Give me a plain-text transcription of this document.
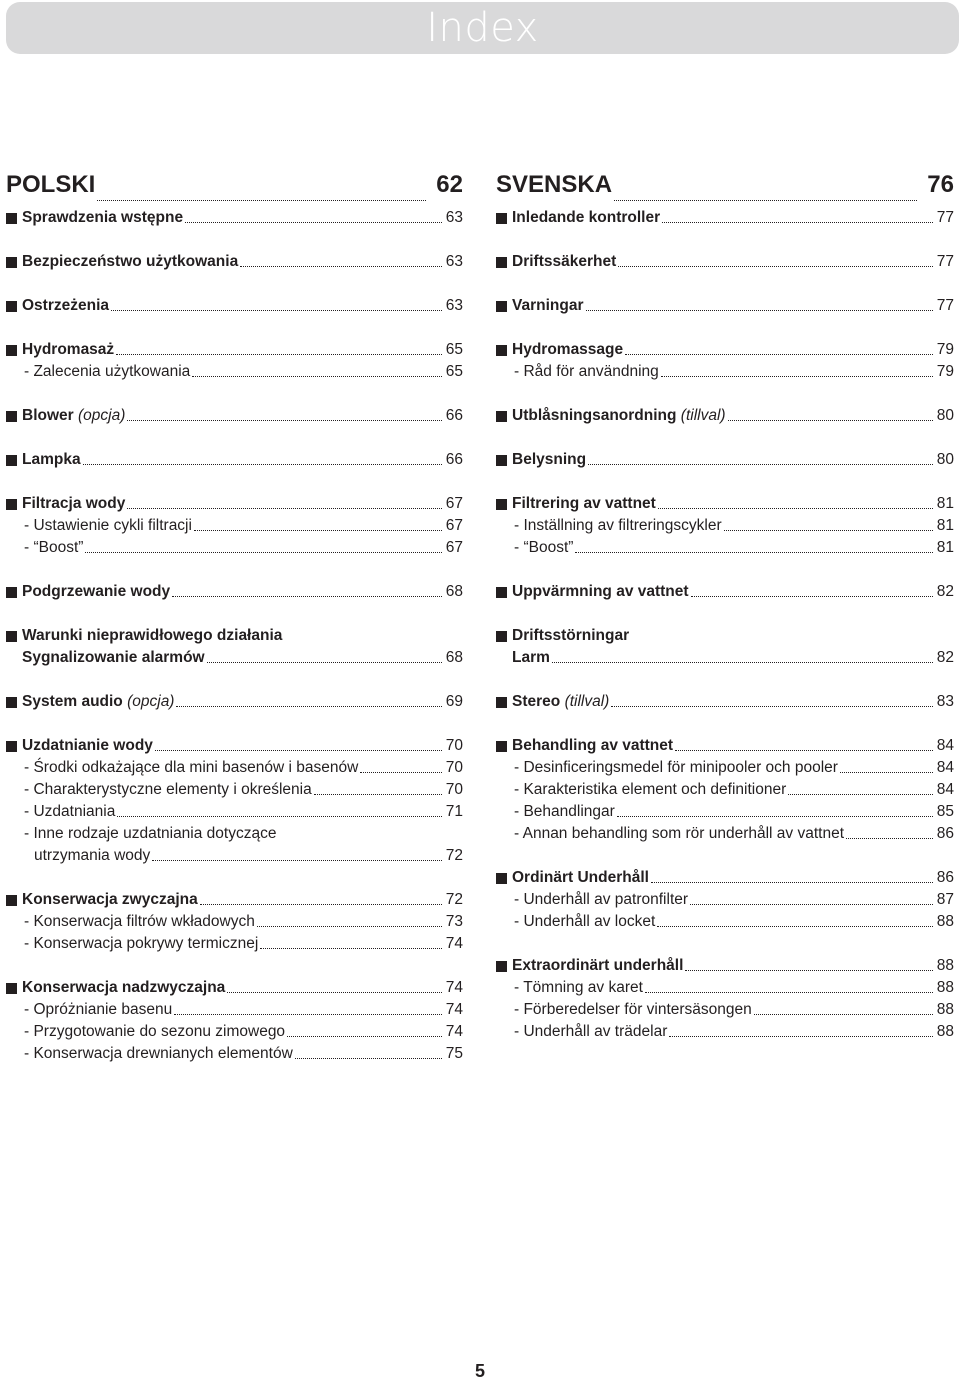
Index
POLSKI	62
Sprawdzenia wstępne	63
Bezpieczeństwo użytkowania	63
Ostrzeżenia	63
Hydromasaż	65
- Zalecenia użytkowania	65
Blower (opcja)	66
Lampka	66
Filtracja wody	67
- Ustawienie cykli filtracji	67
- “Boost”	67
Podgrzewanie wody	68
Warunki nieprawidłowego działania
Sygnalizowanie alarmów	68
System audio (opcja)	69
Uzdatnianie wody	70
- Środki odkażające dla mini basenów i basenów	70
- Charakterystyczne elementy i określenia	70
- Uzdatniania	71
- Inne rodzaje uzdatniania dotyczące
utrzymania wody	72
Konserwacja zwyczajna	72
- Konserwacja filtrów wkładowych	73
- Konserwacja pokrywy termicznej	74
Konserwacja nadzwyczajna	74
- Opróżnianie basenu	74
- Przygotowanie do sezonu zimowego	74
- Konserwacja drewnianych elementów	75
SVENSKA	76
Inledande kontroller	77
Driftssäkerhet	77
Varningar	77
Hydromassage	79
- Råd för användning	79
Utblåsningsanordning (tillval)	80
Belysning	80
Filtrering av vattnet	81
- Inställning av filtreringscykler	81
- “Boost”	81
Uppvärmning av vattnet	82
Driftsstörningar
Larm	82
Stereo (tillval)	83
Behandling av vattnet	84
- Desinficeringsmedel för minipooler och pooler	84
- Karakteristika element och definitioner	84
- Behandlingar	85
- Annan behandling som rör underhåll av vattnet	86
Ordinärt Underhåll	86
- Underhåll av patronfilter	87
- Underhåll av locket	88
Extraordinärt underhåll	88
- Tömning av karet	88
- Förberedelser för vintersäsongen	88
- Underhåll av trädelar	88
5
